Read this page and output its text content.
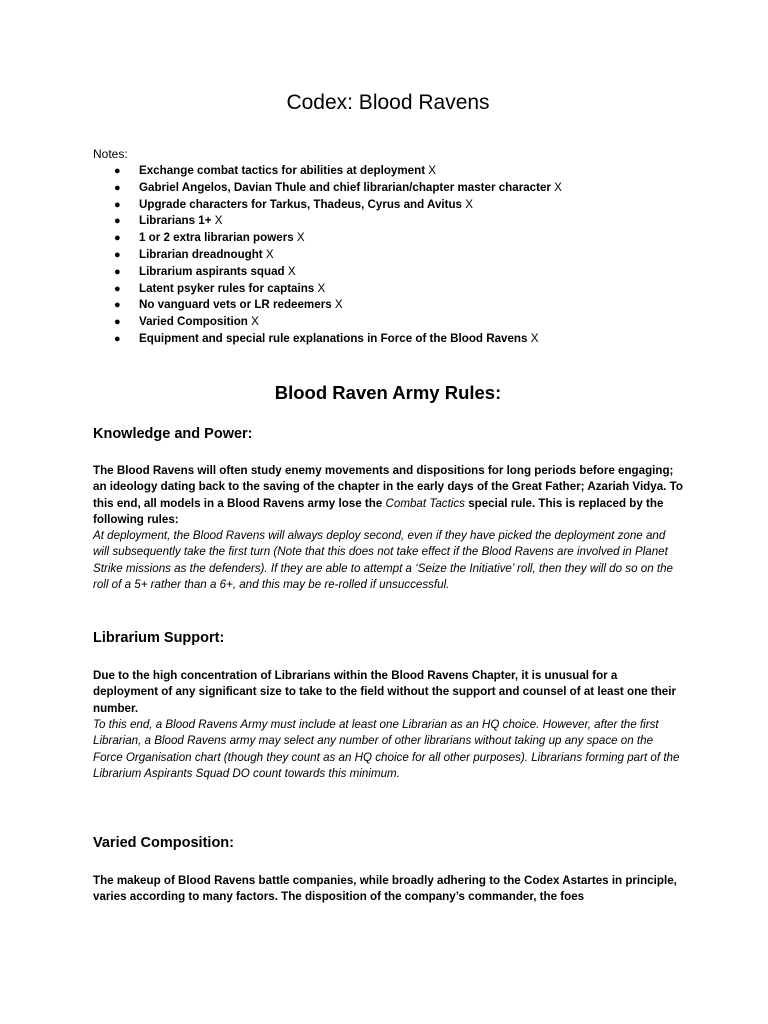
Codex: Blood Ravens
Notes:
● Exchange combat tactics for abilities at deployment X
● Gabriel Angelos, Davian Thule and chief librarian/chapter master character X
● Upgrade characters for Tarkus, Thadeus, Cyrus and Avitus X
● Librarians 1+ X
● 1 or 2 extra librarian powers X
● Librarian dreadnought X
● Librarium aspirants squad X
● Latent psyker rules for captains X
● No vanguard vets or LR redeemers X
● Varied Composition X
● Equipment and special rule explanations in Force of the Blood Ravens X
Blood Raven Army Rules:
Knowledge and Power:

The Blood Ravens will often study enemy movements and dispositions for long periods before engaging; an ideology dating back to the saving of the chapter in the early days of the Great Father; Azariah Vidya. To this end, all models in a Blood Ravens army lose the Combat Tactics special rule. This is replaced by the following rules:

At deployment, the Blood Ravens will always deploy second, even if they have picked the deployment zone and will subsequently take the first turn (Note that this does not take effect if the Blood Ravens are involved in Planet Strike missions as the defenders). If they are able to attempt a ‘Seize the Initiative’ roll, then they will do so on the roll of a 5+ rather than a 6+, and this may be re-rolled if unsuccessful.

Librarium Support:

Due to the high concentration of Librarians within the Blood Ravens Chapter, it is unusual for a deployment of any significant size to take to the field without the support and counsel of at least one their number.

To this end, a Blood Ravens Army must include at least one Librarian as an HQ choice. However, after the first Librarian, a Blood Ravens army may select any number of other librarians without taking up any space on the Force Organisation chart (though they count as an HQ choice for all other purposes). Librarians forming part of the Librarium Aspirants Squad DO count towards this minimum.

Varied Composition:

The makeup of Blood Ravens battle companies, while broadly adhering to the Codex Astartes in principle, varies according to many factors. The disposition of the company’s commander, the foes
